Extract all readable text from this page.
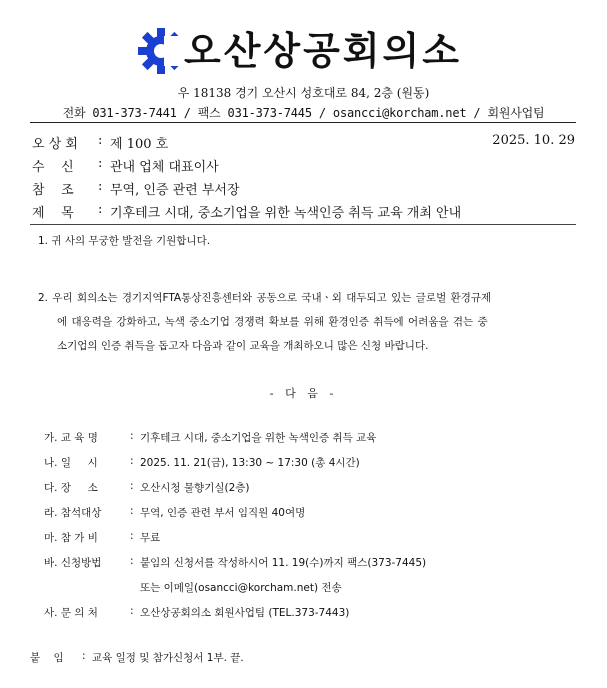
오산상공회의소
우 18138 경기 오산시 성호대로 84, 2층 (원동)
전화 031-373-7441 / 팩스 031-373-7445 / osancci@korcham.net / 회원사업팀
오 상 회	: 제 100 호	2025. 10. 29
수    신	: 관내 업체 대표이사
참    조	: 무역, 인증 관련 부서장
제    목	: 기후테크 시대, 중소기업을 위한 녹색인증 취득 교육 개최 안내
1. 귀 사의 무궁한 발전을 기원합니다.
2. 우리 회의소는 경기지역FTA통상진흥센터와 공동으로 국내ㆍ외 대두되고 있는 글로벌 환경규제
에 대응력을 강화하고, 녹색 중소기업 경쟁력 확보를 위해 환경인증 취득에 어려움을 겪는 중
소기업의 인증 취득을 돕고자 다음과 같이 교육을 개최하오니 많은 신청 바랍니다.
- 다 음 -
가. 교 육 명	: 기후테크 시대, 중소기업을 위한 녹색인증 취득 교육
나. 일     시	: 2025. 11. 21(금), 13:30 ~ 17:30 (총 4시간)
다. 장     소	: 오산시청 물향기실(2층)
라. 참석대상	: 무역, 인증 관련 부서 임직원 40여명
마. 참 가 비	: 무료
바. 신청방법	: 붙임의 신청서를 작성하시어 11. 19(수)까지 팩스(373-7445)
또는 이메일(osancci@korcham.net) 전송
사. 문 의 처	: 오산상공회의소 회원사업팀 (TEL.373-7443)
붙    임 : 교육 일정 및 참가신청서 1부. 끝.
